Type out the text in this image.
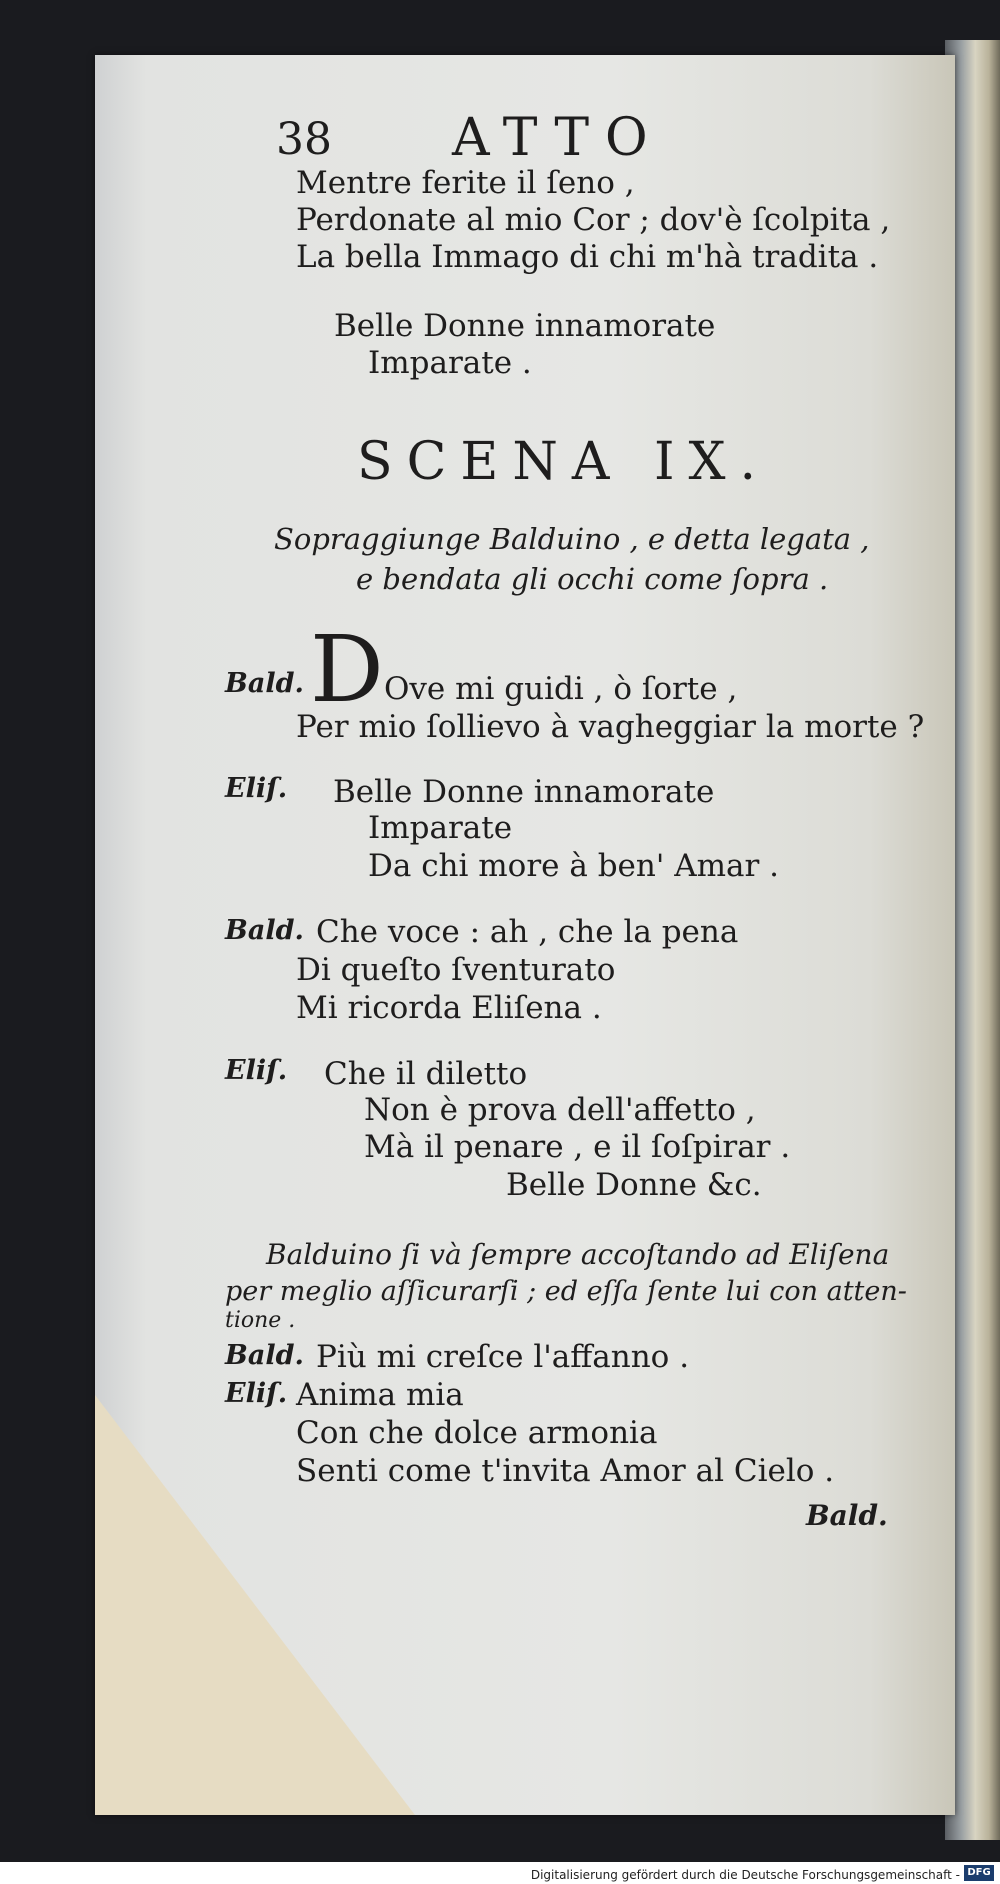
38 ATTO
Mentre ferite il ſeno ,
Perdonate al mio Cor ; dov'è ſcolpita ,
La bella Immago di chi m'hà tradita .
Belle Donne innamorate
Imparate .
SCENA IX.
Sopraggiunge Balduino , e detta legata ,
e bendata gli occhi come ſopra .
Bald. D Ove mi guidi , ò ſorte ,
Per mio ſollievo à vagheggiar la morte ?
Eliſ. Belle Donne innamorate
Imparate
Da chi more à ben' Amar .
Bald. Che voce : ah , che la pena
Di queſto ſventurato
Mi ricorda Eliſena .
Eliſ. Che il diletto
Non è prova dell'affetto ,
Mà il penare , e il ſoſpirar .
Belle Donne &c.
Balduino ſi và ſempre accoſtando ad Eliſena
per meglio aſſicurarſi ; ed eſſa ſente lui con atten-
tione .
Bald. Più mi creſce l'affanno .
Eliſ. Anima mia
Con che dolce armonia
Senti come t'invita Amor al Cielo .
Bald.
Digitalisierung gefördert durch die Deutsche Forschungsgemeinschaft - DFG
